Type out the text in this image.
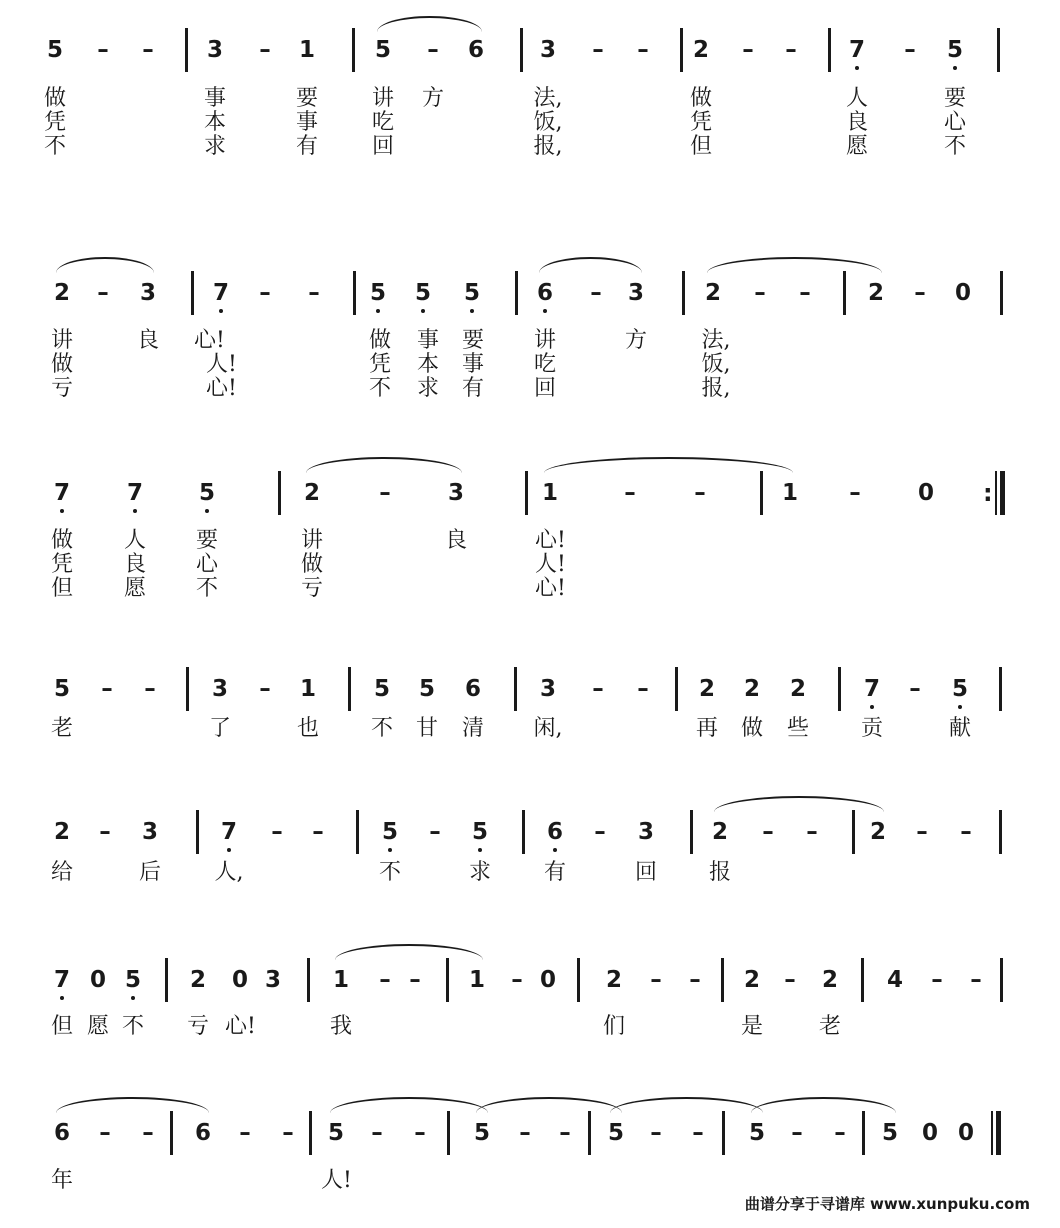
5	–	–	3	–	1	5	–	6 3	–	–	2	–	–	7	–	5
做	事	要 讲 方	法,	做	人	要
凭	本	事 吃	饭,	凭	良	心
不	求	有 回	报,	但	愿	不
2	–	3 7	–	–	5 5 5 6	–	3	2	–	–	2	–	0
讲	良 心!	做 事 要 讲	方 法,
做	人!	凭 本 事 吃	饭,
亏	心!	不 求 有 回	报,
7 7 5	2	–	3	1	–	–	1	–	0
做 人 要	讲	良	心!
凭 良 心	做	人!
但 愿 不	亏	心!
5	–	–	3	–	1	5 5 6	3	–	–	2 2 2	7	–	5
老	了	也 不 甘 清 闲,	再 做 些 贡	献
2	–	3	7	–	–	5	–	5	6	–	3	2	–	–	2	–	–
给	后 人,	不	求 有	回 报
7 0 5 2 0 3 1	– –	1	– 0 2	–	–	2	–	2 4	–	–
但 愿 不 亏 心!	我	们	是	老
6	–	–	6	–	–	5	–	–	5	–	–	5	–	–	5	–	–	5 0 0
年	人!
:
曲谱分享于寻谱库 www.xunpuku.com
